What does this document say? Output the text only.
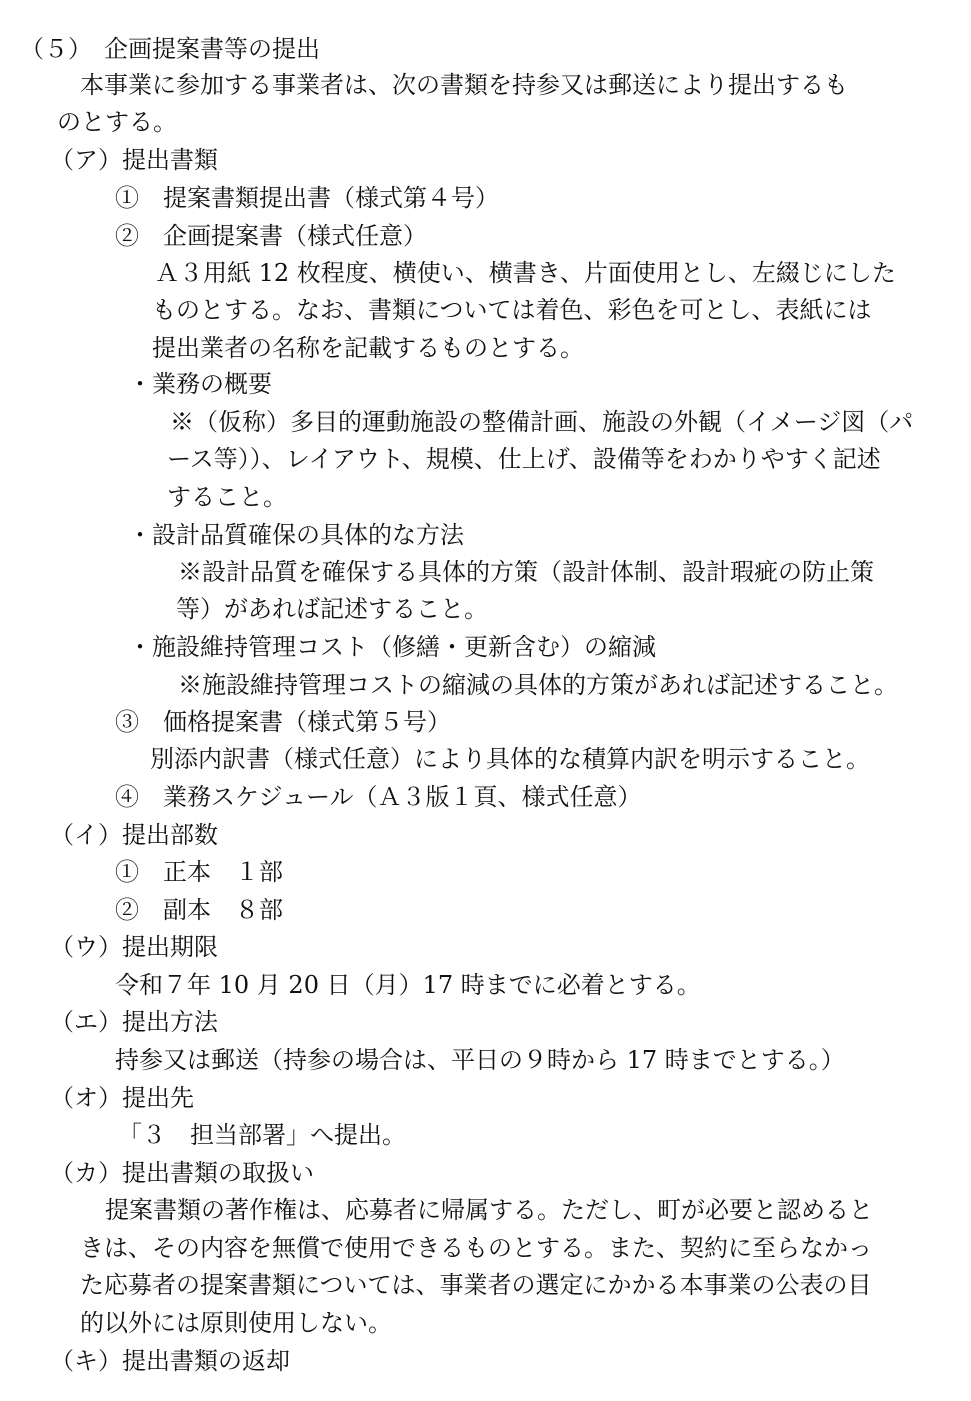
（５）　企画提案書等の提出
本事業に参加する事業者は、次の書類を持参又は郵送により提出するも
のとする。
（ア）提出書類
①　提案書類提出書（様式第４号）
②　企画提案書（様式任意）
Ａ３用紙 12 枚程度、横使い、横書き、片面使用とし、左綴じにした
ものとする。なお、書類については着色、彩色を可とし、表紙には
提出業者の名称を記載するものとする。
・業務の概要
※（仮称）多目的運動施設の整備計画、施設の外観（イメージ図（パ
ース等））、レイアウト、規模、仕上げ、設備等をわかりやすく記述
すること。
・設計品質確保の具体的な方法
※設計品質を確保する具体的方策（設計体制、設計瑕疵の防止策
等）があれば記述すること。
・施設維持管理コスト（修繕・更新含む）の縮減
※施設維持管理コストの縮減の具体的方策があれば記述すること。
③　価格提案書（様式第５号）
別添内訳書（様式任意）により具体的な積算内訳を明示すること。
④　業務スケジュール（Ａ３版１頁、様式任意）
（イ）提出部数
①　正本　１部
②　副本　８部
（ウ）提出期限
令和７年 10 月 20 日（月）17 時までに必着とする。
（エ）提出方法
持参又は郵送（持参の場合は、平日の９時から 17 時までとする。）
（オ）提出先
「３　担当部署」へ提出。
（カ）提出書類の取扱い
提案書類の著作権は、応募者に帰属する。ただし、町が必要と認めると
きは、その内容を無償で使用できるものとする。また、契約に至らなかっ
た応募者の提案書類については、事業者の選定にかかる本事業の公表の目
的以外には原則使用しない。
（キ）提出書類の返却
